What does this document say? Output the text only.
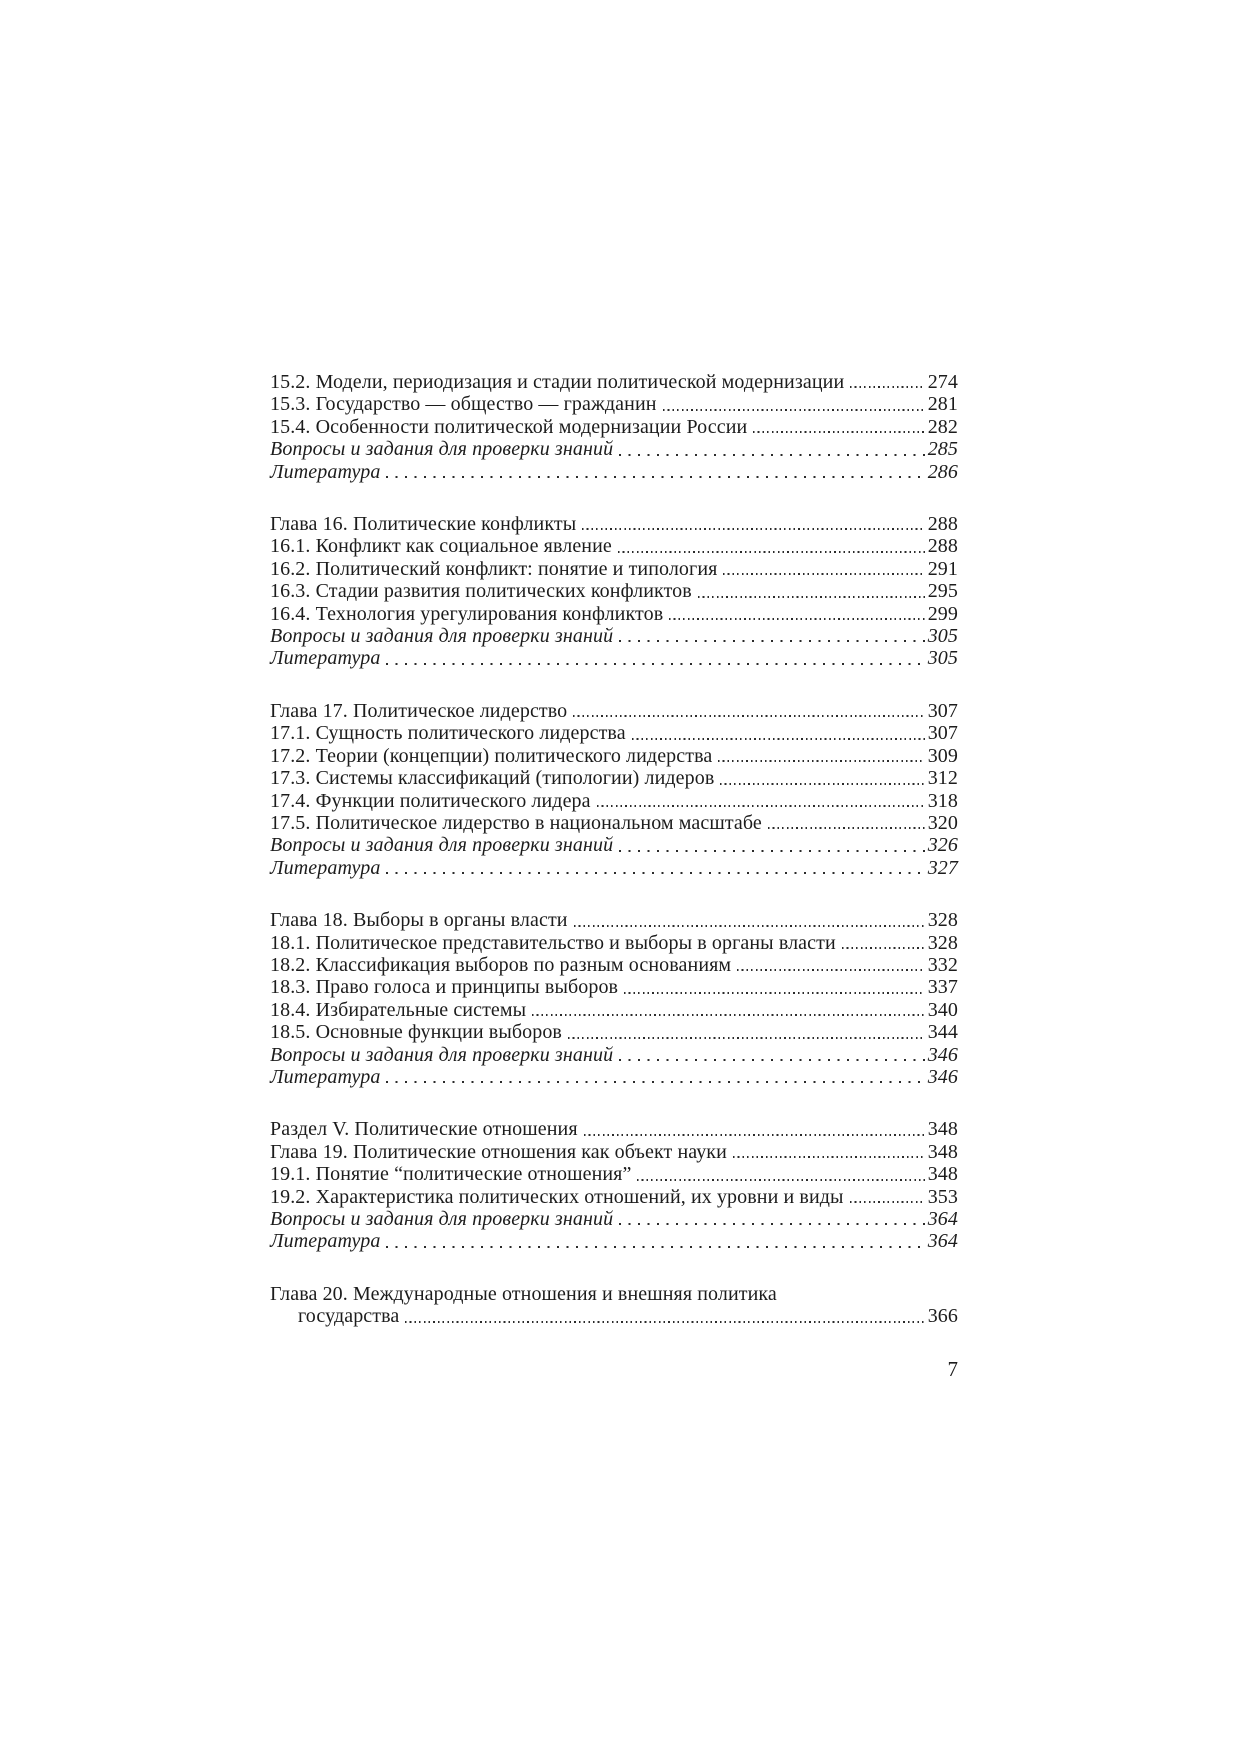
15.2. Модели, периодизация и стадии политической модернизации	274
15.3. Государство — общество — гражданин	281
15.4. Особенности политической модернизации России	282
Вопросы и задания для проверки знаний	285
Литература	286
Глава 16. Политические конфликты	288
16.1. Конфликт как социальное явление	288
16.2. Политический конфликт: понятие и типология	291
16.3. Стадии развития политических конфликтов	295
16.4. Технология урегулирования конфликтов	299
Вопросы и задания для проверки знаний	305
Литература	305
Глава 17. Политическое лидерство	307
17.1. Сущность политического лидерства	307
17.2. Теории (концепции) политического лидерства	309
17.3. Системы классификаций (типологии) лидеров	312
17.4. Функции политического лидера	318
17.5. Политическое лидерство в национальном масштабе	320
Вопросы и задания для проверки знаний	326
Литература	327
Глава 18. Выборы в органы власти	328
18.1. Политическое представительство и выборы в органы власти	328
18.2. Классификация выборов по разным основаниям	332
18.3. Право голоса и принципы выборов	337
18.4. Избирательные системы	340
18.5. Основные функции выборов	344
Вопросы и задания для проверки знаний	346
Литература	346
Раздел V. Политические отношения	348
Глава 19. Политические отношения как объект науки	348
19.1. Понятие “политические отношения”	348
19.2. Характеристика политических отношений, их уровни и виды	353
Вопросы и задания для проверки знаний	364
Литература	364
Глава 20. Международные отношения и внешняя политика
государства	366
7
